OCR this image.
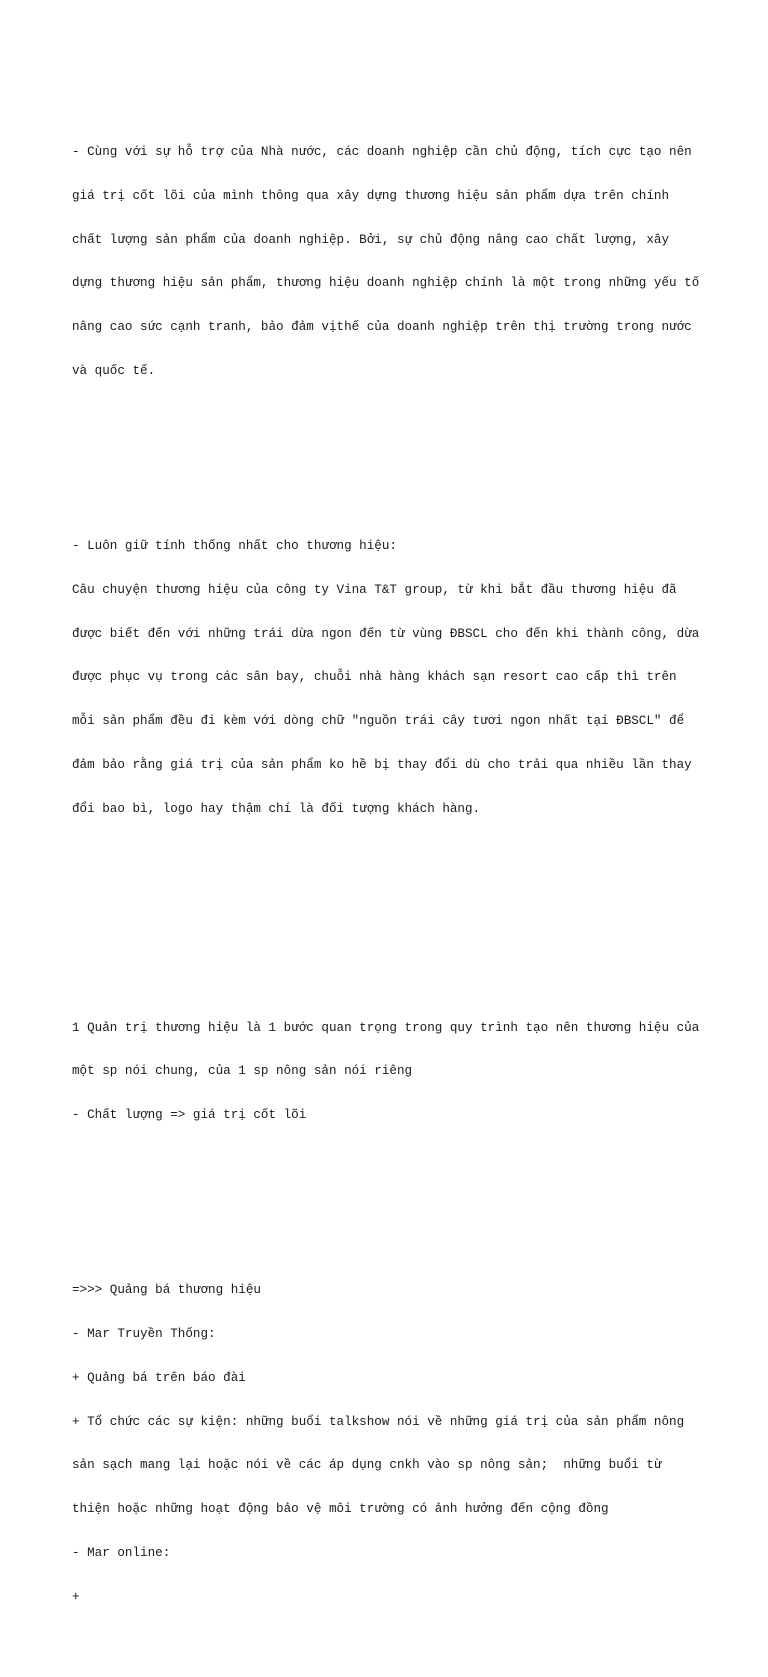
- Cùng với sự hỗ trợ của Nhà nước, các doanh nghiệp cần chủ động, tích cực tạo nên

giá trị cốt lõi của mình thông qua xây dựng thương hiệu sản phẩm dựa trên chính

chất lượng sản phẩm của doanh nghiệp. Bởi, sự chủ động nâng cao chất lượng, xây

dựng thương hiệu sản phẩm, thương hiệu doanh nghiệp chính là một trong những yếu tố

nâng cao sức cạnh tranh, bảo đảm vịthế của doanh nghiệp trên thị trường trong nước

và quốc tế.

- Luôn giữ tính thống nhất cho thương hiệu:

Câu chuyện thương hiệu của công ty Vina T&T group, từ khi bắt đầu thương hiệu đã

được biết đến với những trái dừa ngon đến từ vùng ĐBSCL cho đến khi thành công, dừa

được phục vụ trong các sân bay, chuỗi nhà hàng khách sạn resort cao cấp thì trên

mỗi sản phẩm đều đi kèm với dòng chữ "nguồn trái cây tươi ngon nhất tại ĐBSCL" để

đảm bảo rằng giá trị của sản phẩm ko hề bị thay đổi dù cho trải qua nhiều lần thay

đổi bao bì, logo hay thậm chí là đối tượng khách hàng.

1 Quản trị thương hiệu là 1 bước quan trọng trong quy trình tạo nên thương hiệu của

một sp nói chung, của 1 sp nông sản nói riêng

- Chất lượng => giá trị cốt lõi

=>>> Quảng bá thương hiệu

- Mar Truyền Thống:

+ Quảng bá trên báo đài

+ Tổ chức các sự kiện: những buổi talkshow nói về những giá trị của sản phẩm nông

sản sạch mang lại hoặc nói về các áp dụng cnkh vào sp nông sản;  những buổi từ

thiện hoặc những hoạt động bảo vệ môi trường có ảnh hưởng đến cộng đồng

- Mar online:

+
